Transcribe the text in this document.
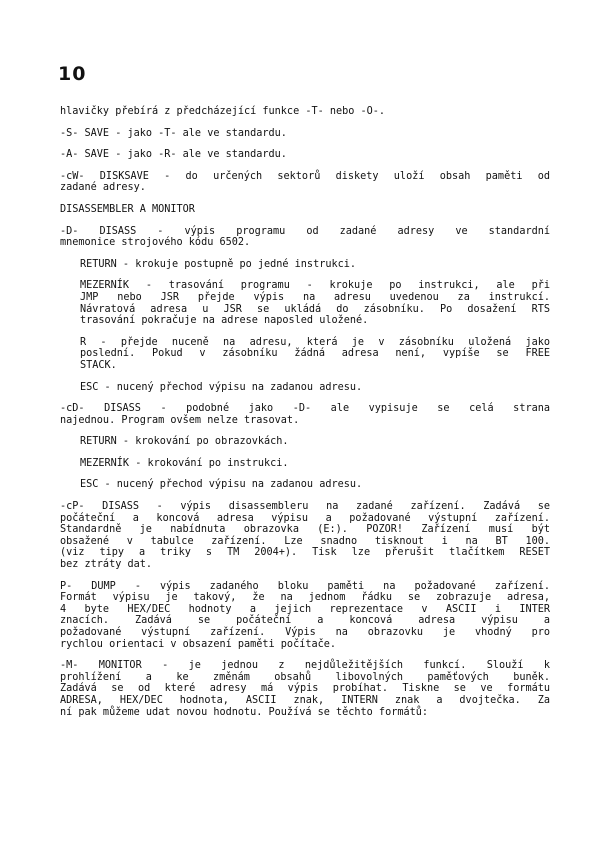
10

hlavičky přebírá z předcházející funkce -T- nebo -O-.

-S- SAVE - jako -T- ale ve standardu.

-A- SAVE - jako -R- ale ve standardu.

-cW- DISKSAVE - do určených sektorů diskety uloží obsah paměti od
zadané adresy.

DISASSEMBLER A MONITOR

-D- DISASS - výpis programu od zadané adresy ve standardní
mnemonice strojového kódu 6502.

RETURN - krokuje postupně po jedné instrukci.

MEZERNÍK - trasování programu - krokuje po instrukci, ale při
JMP nebo JSR přejde výpis na adresu uvedenou za instrukcí.
Návratová adresa u JSR se ukládá do zásobníku. Po dosažení RTS
trasování pokračuje na adrese naposled uložené.

R - přejde nuceně na adresu, která je v zásobníku uložená jako
poslední. Pokud v zásobníku žádná adresa není, vypíše se FREE
STACK.

ESC - nucený přechod výpisu na zadanou adresu.

-cD- DISASS - podobné jako -D- ale vypisuje se celá strana
najednou. Program ovšem nelze trasovat.

RETURN - krokování po obrazovkách.

MEZERNÍK - krokování po instrukci.

ESC - nucený přechod výpisu na zadanou adresu.

-cP- DISASS - výpis disassembleru na zadané zařízení. Zadává se
počáteční a koncová adresa výpisu a požadované výstupní zařízení.
Standardně je nabídnuta obrazovka (E:). POZOR! Zařízení musí být
obsažené v tabulce zařízení. Lze snadno tisknout i na BT 100.
(viz tipy a triky s TM 2004+). Tisk lze přerušit tlačítkem RESET
bez ztráty dat.

P- DUMP - výpis zadaného bloku paměti na požadované zařízení.
Formát výpisu je takový, že na jednom řádku se zobrazuje adresa,
4 byte HEX/DEC hodnoty a jejich reprezentace v ASCII i INTER
znacích. Zadává se počáteční a koncová adresa výpisu a
požadované výstupní zařízení. Výpis na obrazovku je vhodný pro
rychlou orientaci v obsazení paměti počítače.

-M- MONITOR - je jednou z nejdůležitějších funkcí. Slouží k
prohlížení a ke změnám obsahů libovolných paměťových buněk.
Zadává se od které adresy má výpis probíhat. Tiskne se ve formátu
ADRESA, HEX/DEC hodnota, ASCII znak, INTERN znak a dvojtečka. Za
ní pak můžeme udat novou hodnotu. Používá se těchto formátů:
